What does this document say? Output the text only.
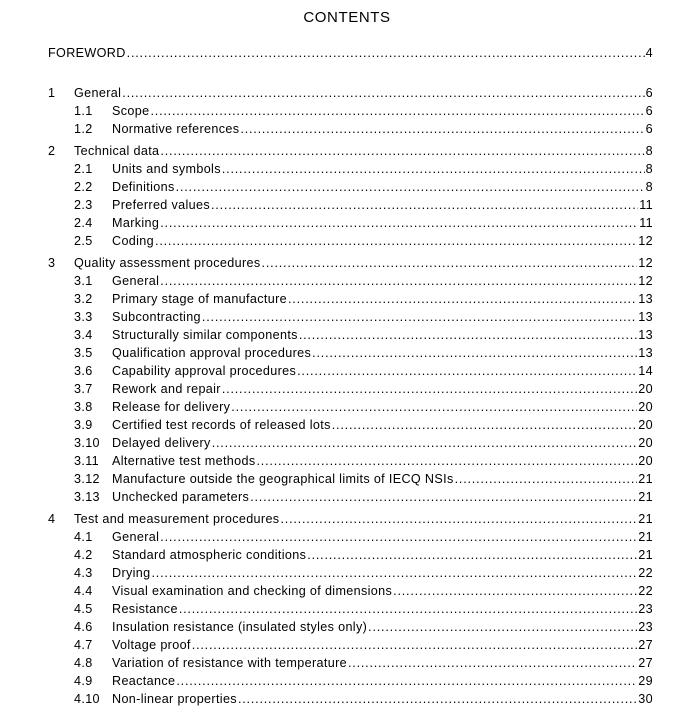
CONTENTS
FOREWORD . . .	4
1 General . . .	6
1.1 Scope . . .	6
1.2 Normative references . . .	6
2 Technical data . . .	8
2.1 Units and symbols . . .	8
2.2 Definitions . . .	8
2.3 Preferred values . . .	11
2.4 Marking . . .	11
2.5 Coding . . .	12
3 Quality assessment procedures . . .	12
3.1 General . . .	12
3.2 Primary stage of manufacture . . .	13
3.3 Subcontracting . . .	13
3.4 Structurally similar components . . .	13
3.5 Qualification approval procedures . . .	13
3.6 Capability approval procedures . . .	14
3.7 Rework and repair . . .	20
3.8 Release for delivery . . .	20
3.9 Certified test records of released lots . . .	20
3.10 Delayed delivery . . .	20
3.11 Alternative test methods . . .	20
3.12 Manufacture outside the geographical limits of IECQ NSIs . . .	21
3.13 Unchecked parameters . . .	21
4 Test and measurement procedures . . .	21
4.1 General . . .	21
4.2 Standard atmospheric conditions . . .	21
4.3 Drying . . .	22
4.4 Visual examination and checking of dimensions . . .	22
4.5 Resistance . . .	23
4.6 Insulation resistance (insulated styles only) . . .	23
4.7 Voltage proof . . .	27
4.8 Variation of resistance with temperature . . .	27
4.9 Reactance . . .	29
4.10 Non-linear properties . . .	30
